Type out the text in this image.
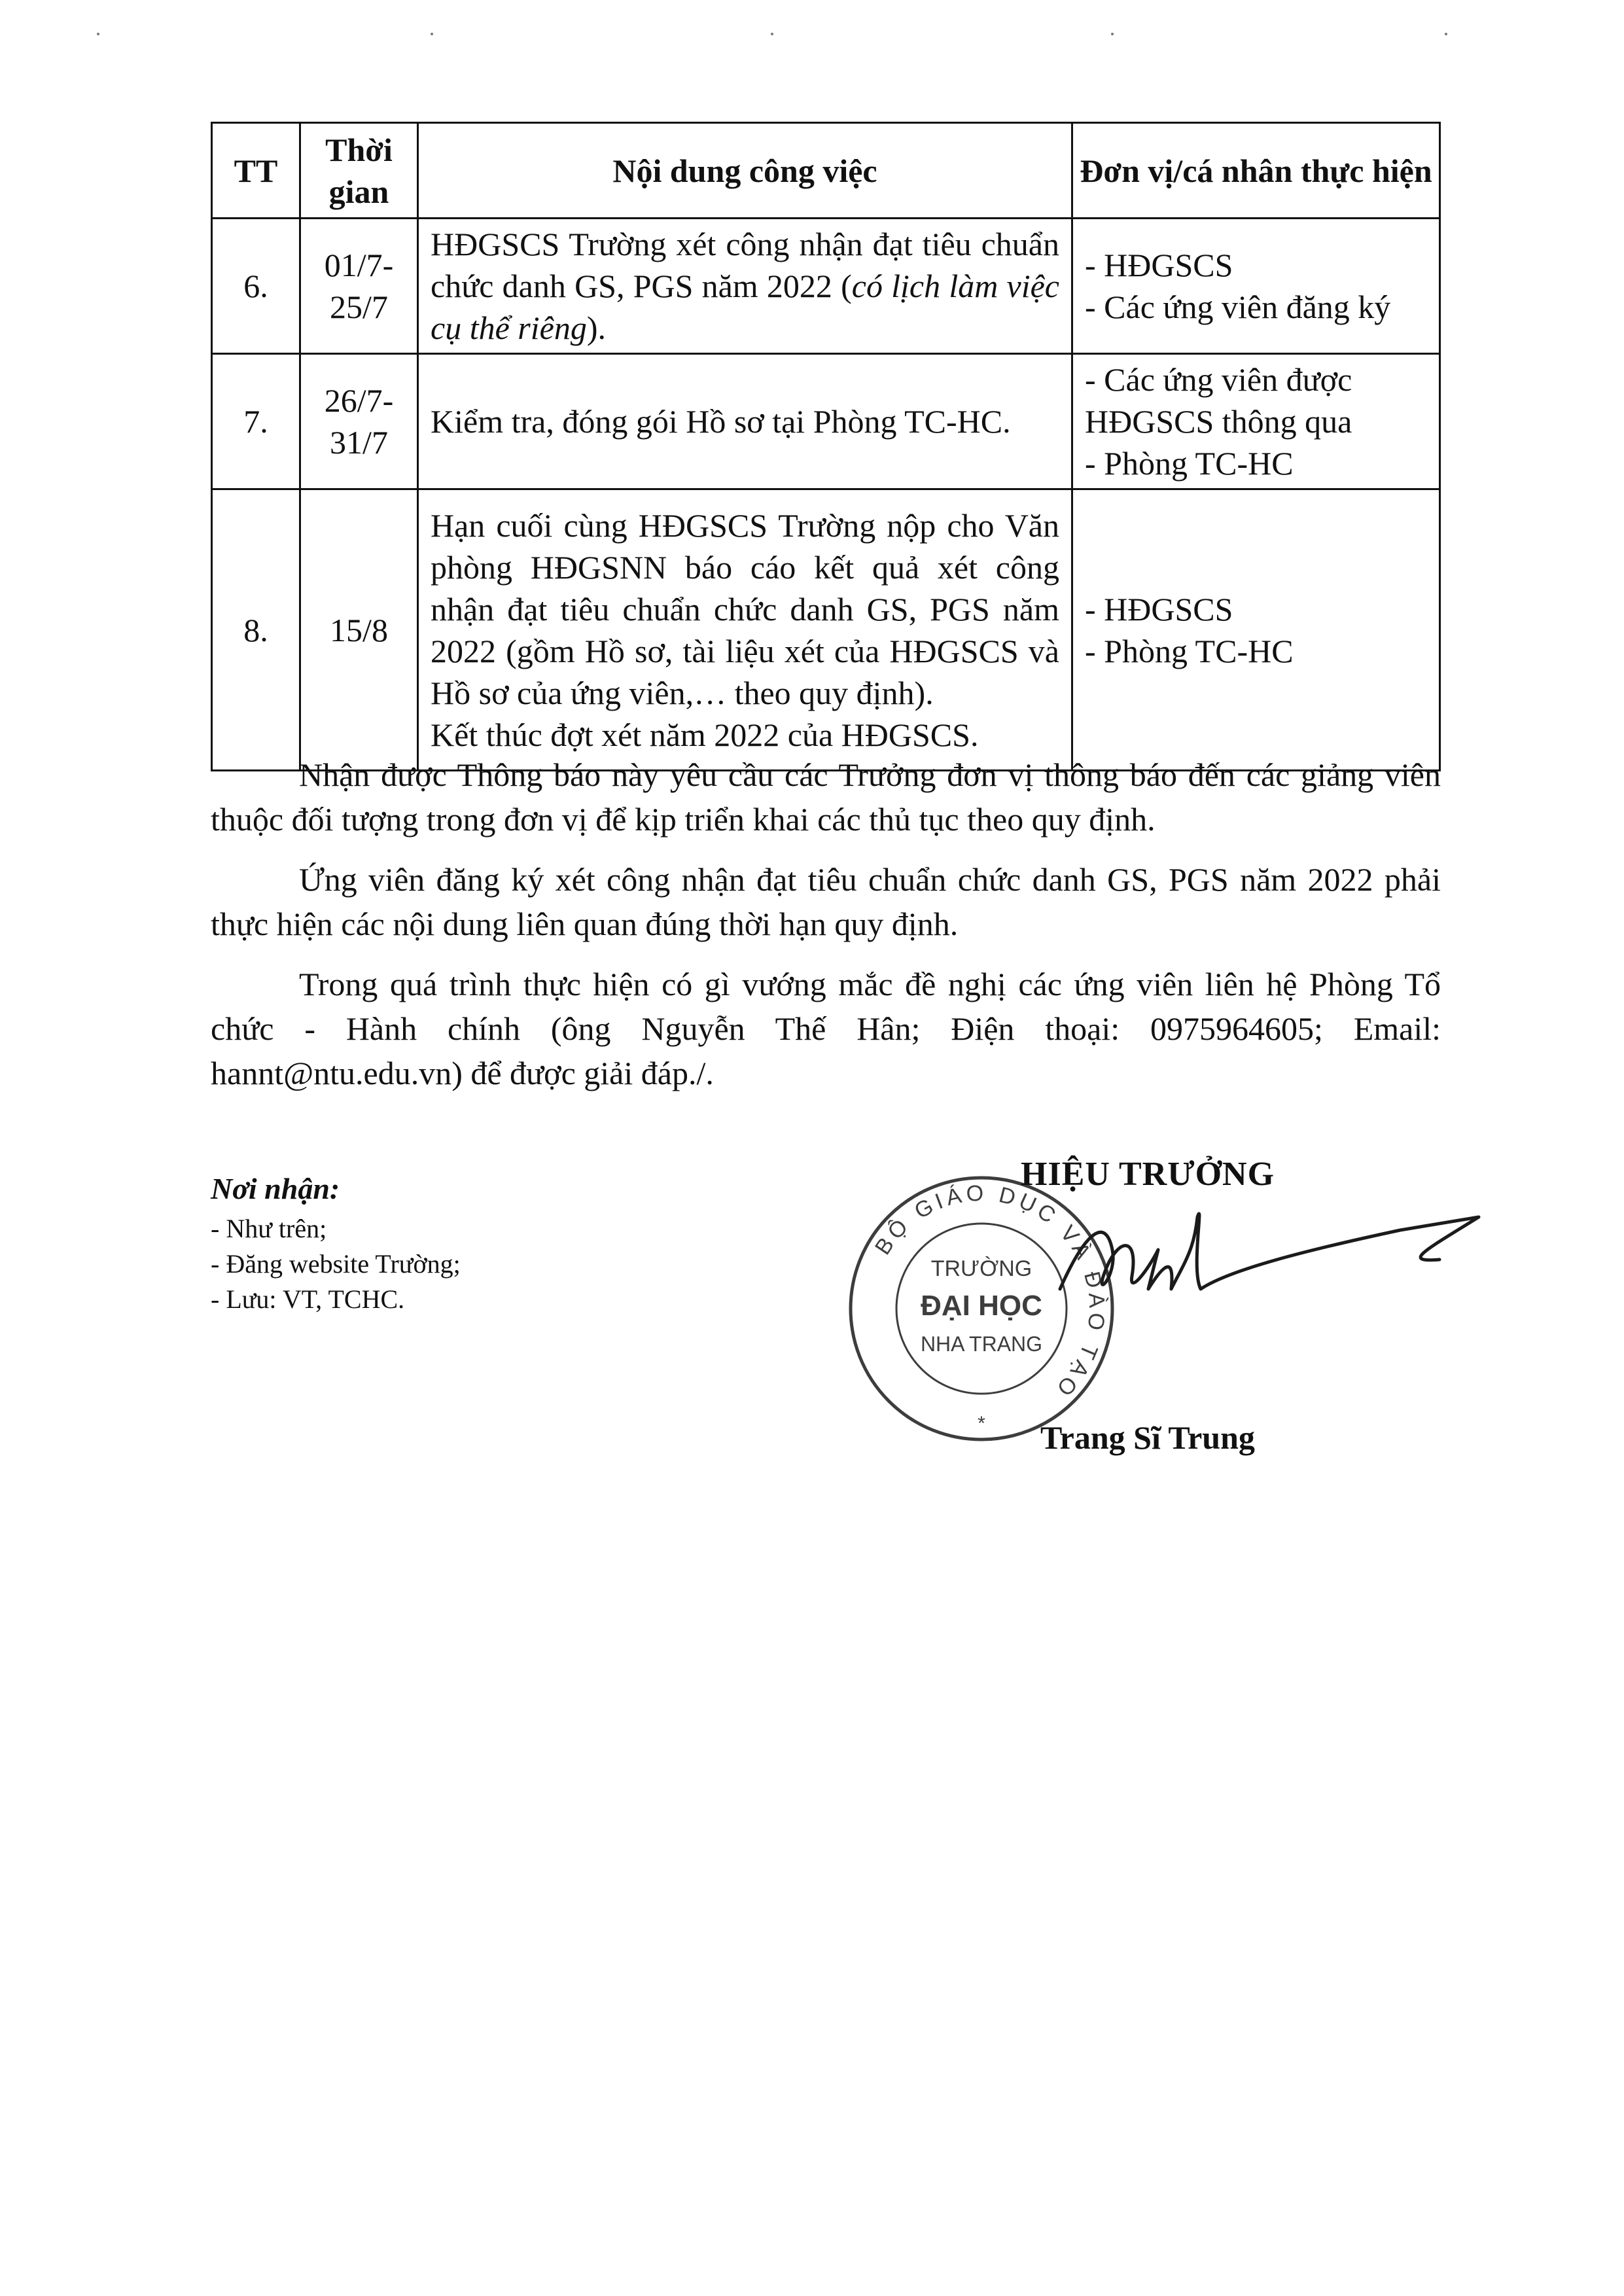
TT	Thời gian	Nội dung công việc	Đơn vị/cá nhân thực hiện
6.	01/7-25/7	HĐGSCS Trường xét công nhận đạt tiêu chuẩn chức danh GS, PGS năm 2022 (có lịch làm việc cụ thể riêng).	- HĐGSCS
- Các ứng viên đăng ký

7.	26/7-31/7	Kiểm tra, đóng gói Hồ sơ tại Phòng TC-HC.	- Các ứng viên được HĐGSCS thông qua
- Phòng TC-HC

8.	15/8	Hạn cuối cùng HĐGSCS Trường nộp cho Văn phòng HĐGSNN báo cáo kết quả xét công nhận đạt tiêu chuẩn chức danh GS, PGS năm 2022 (gồm Hồ sơ, tài liệu xét của HĐGSCS và Hồ sơ của ứng viên,… theo quy định).
Kết thúc đợt xét năm 2022 của HĐGSCS.	- HĐGSCS
- Phòng TC-HC

Nhận được Thông báo này yêu cầu các Trưởng đơn vị thông báo đến các giảng viên thuộc đối tượng trong đơn vị để kịp triển khai các thủ tục theo quy định.

Ứng viên đăng ký xét công nhận đạt tiêu chuẩn chức danh GS, PGS năm 2022 phải thực hiện các nội dung liên quan đúng thời hạn quy định.

Trong quá trình thực hiện có gì vướng mắc đề nghị các ứng viên liên hệ Phòng Tổ chức - Hành chính (ông Nguyễn Thế Hân; Điện thoại: 0975964605; Email: hannt@ntu.edu.vn) để được giải đáp./.

Nơi nhận:
- Như trên;
- Đăng website Trường;
- Lưu: VT, TCHC.
BỘ GIÁO DỤC VÀ ĐÀO TẠO
TRƯỜNG
ĐẠI HỌC
NHA TRANG
*
HIỆU TRƯỞNG
Trang Sĩ Trung
